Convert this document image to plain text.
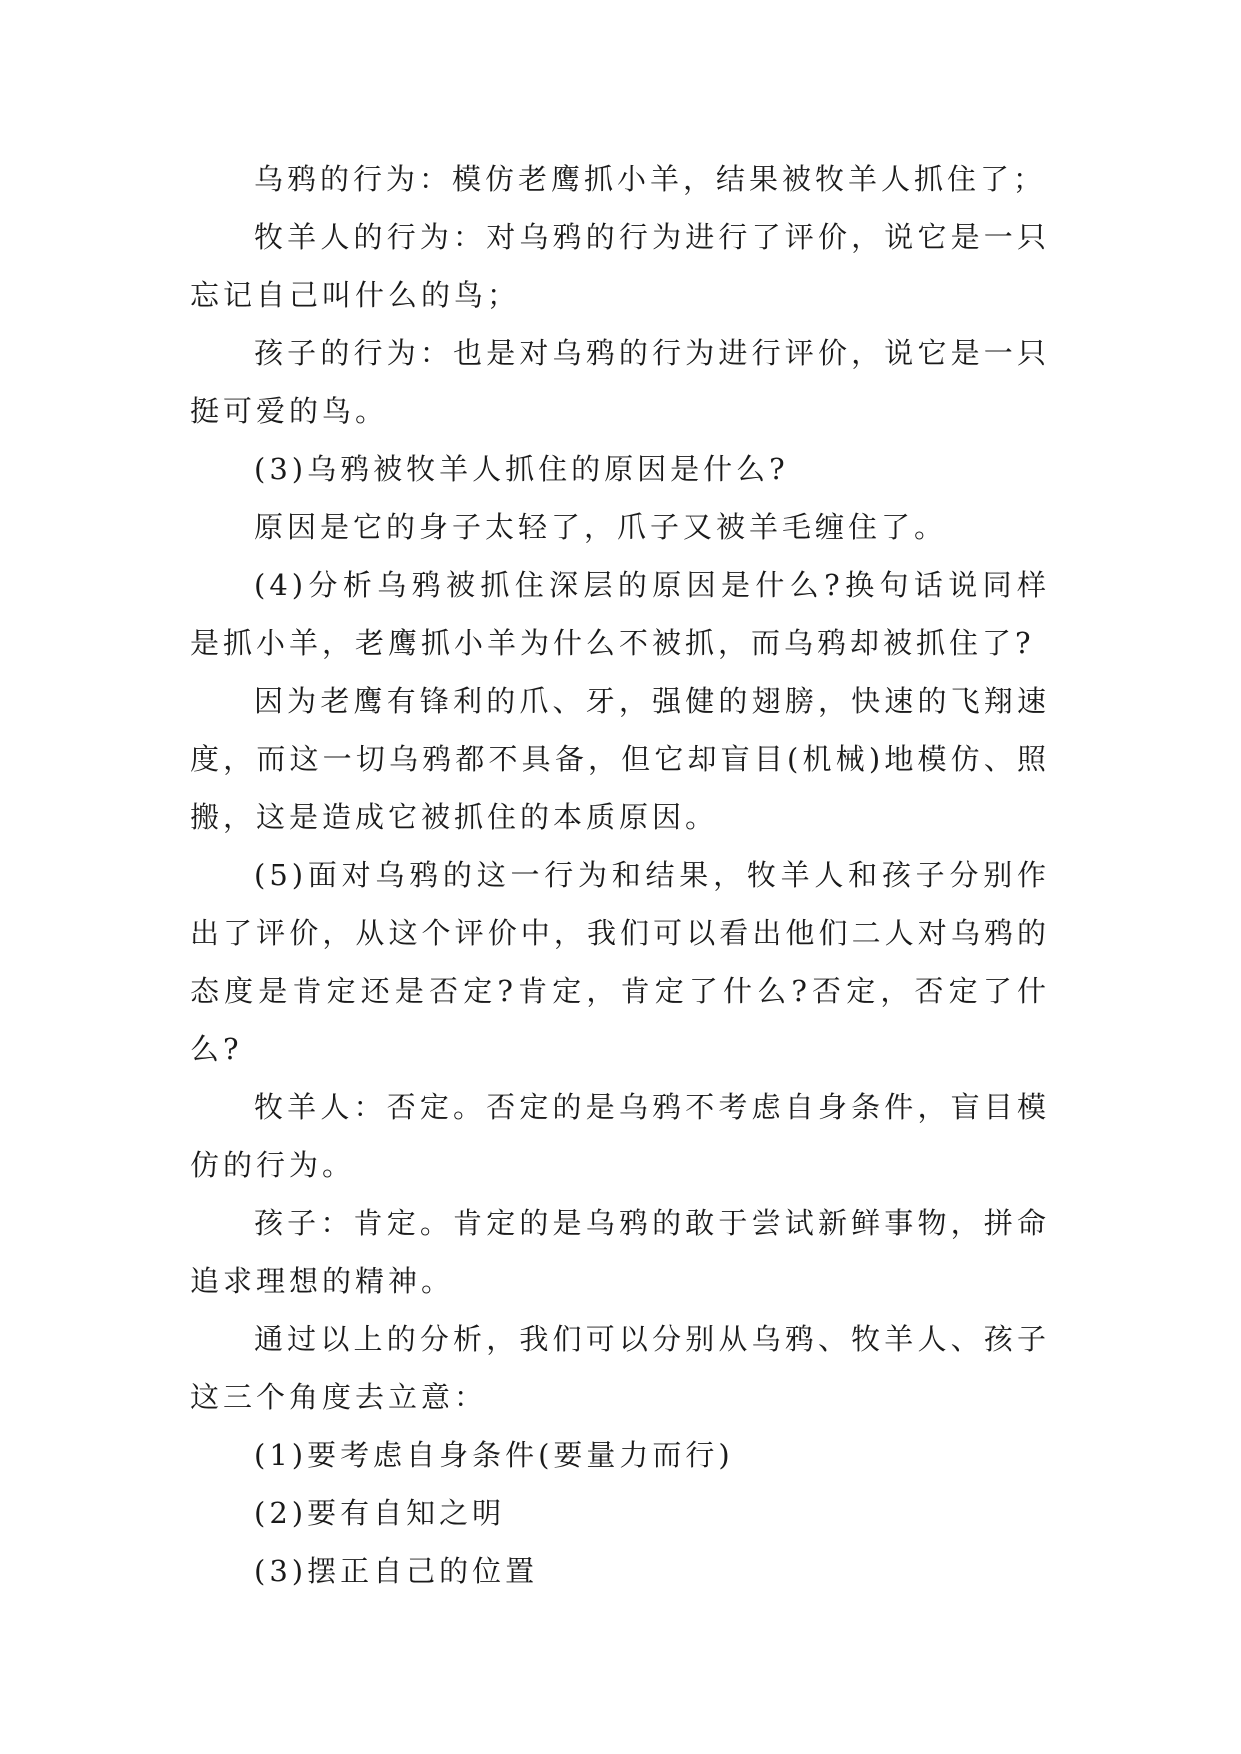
乌鸦的行为：模仿老鹰抓小羊，结果被牧羊人抓住了；

牧羊人的行为：对乌鸦的行为进行了评价，说它是一只忘记自己叫什么的鸟；

孩子的行为：也是对乌鸦的行为进行评价，说它是一只挺可爱的鸟。

(3)乌鸦被牧羊人抓住的原因是什么?

原因是它的身子太轻了，爪子又被羊毛缠住了。

(4)分析乌鸦被抓住深层的原因是什么?换句话说同样是抓小羊，老鹰抓小羊为什么不被抓，而乌鸦却被抓住了?

因为老鹰有锋利的爪、牙，强健的翅膀，快速的飞翔速度，而这一切乌鸦都不具备，但它却盲目(机械)地模仿、照搬，这是造成它被抓住的本质原因。

(5)面对乌鸦的这一行为和结果，牧羊人和孩子分别作出了评价，从这个评价中，我们可以看出他们二人对乌鸦的态度是肯定还是否定?肯定，肯定了什么?否定，否定了什么?

牧羊人：否定。否定的是乌鸦不考虑自身条件，盲目模仿的行为。

孩子：肯定。肯定的是乌鸦的敢于尝试新鲜事物，拼命追求理想的精神。

通过以上的分析，我们可以分别从乌鸦、牧羊人、孩子这三个角度去立意：

(1)要考虑自身条件(要量力而行)

(2)要有自知之明

(3)摆正自己的位置
